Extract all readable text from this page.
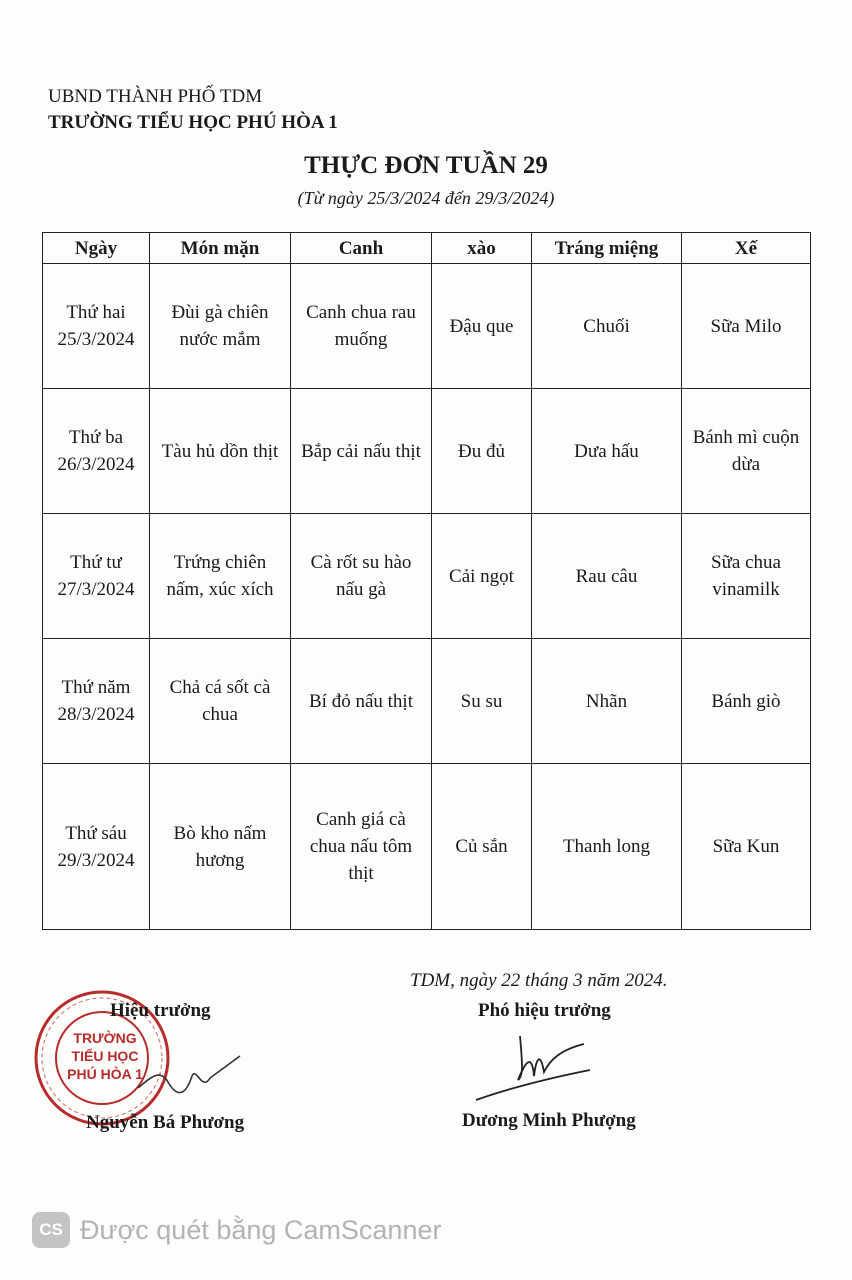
UBND THÀNH PHỐ TDM
TRƯỜNG TIỂU HỌC PHÚ HÒA 1
THỰC ĐƠN TUẦN 29
(Từ ngày 25/3/2024 đến 29/3/2024)
Ngày	Món mặn	Canh	xào	Tráng miệng	Xế

Thứ hai
25/3/2024	Đùi gà chiên nước mắm	Canh chua rau muống	Đậu que	Chuối	Sữa Milo

Thứ ba
26/3/2024	Tàu hủ dồn thịt	Bắp cải nấu thịt	Đu đủ	Dưa hấu	Bánh mì cuộn dừa

Thứ tư
27/3/2024	Trứng chiên nấm, xúc xích	Cà rốt su hào nấu gà	Cải ngọt	Rau câu	Sữa chua vinamilk

Thứ năm
28/3/2024	Chả cá sốt cà chua	Bí đỏ nấu thịt	Su su	Nhãn	Bánh giò

Thứ sáu
29/3/2024	Bò kho nấm hương	Canh giá cà chua nấu tôm thịt	Củ sắn	Thanh long	Sữa Kun
TDM, ngày 22 tháng 3 năm 2024.
TRƯỜNG
TIỂU HỌC
PHÚ HÒA 1
Hiệu trưởng	Phó hiệu trưởng
Nguyễn Bá Phương	Dương Minh Phượng
CS Được quét bằng CamScanner
